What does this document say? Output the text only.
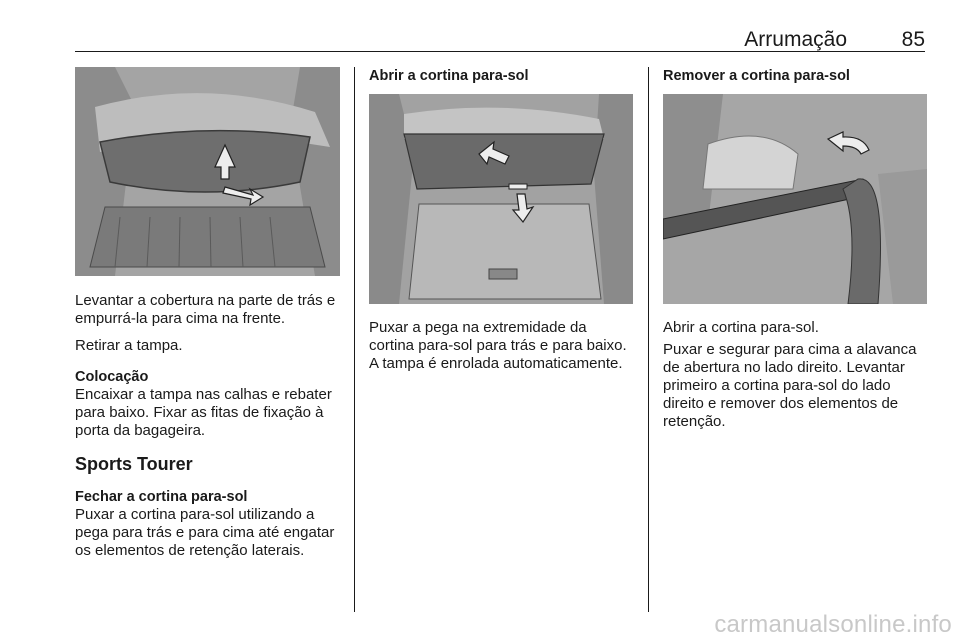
Arrumação	85

Levantar a cobertura na parte de trás e empurrá-la para cima na frente.

Retirar a tampa.

Colocação

Encaixar a tampa nas calhas e rebater para baixo. Fixar as fitas de fixação à porta da bagageira.

Sports Tourer
Fechar a cortina para-sol

Puxar a cortina para-sol utilizando a pega para trás e para cima até engatar os elementos de retenção laterais.

Abrir a cortina para-sol

Puxar a pega na extremidade da cortina para-sol para trás e para baixo. A tampa é enrolada automaticamente.

Remover a cortina para-sol

Abrir a cortina para-sol.

Puxar e segurar para cima a alavanca de abertura no lado direito. Levantar primeiro a cortina para-sol do lado direito e remover dos elementos de retenção.

carmanualsonline.info
